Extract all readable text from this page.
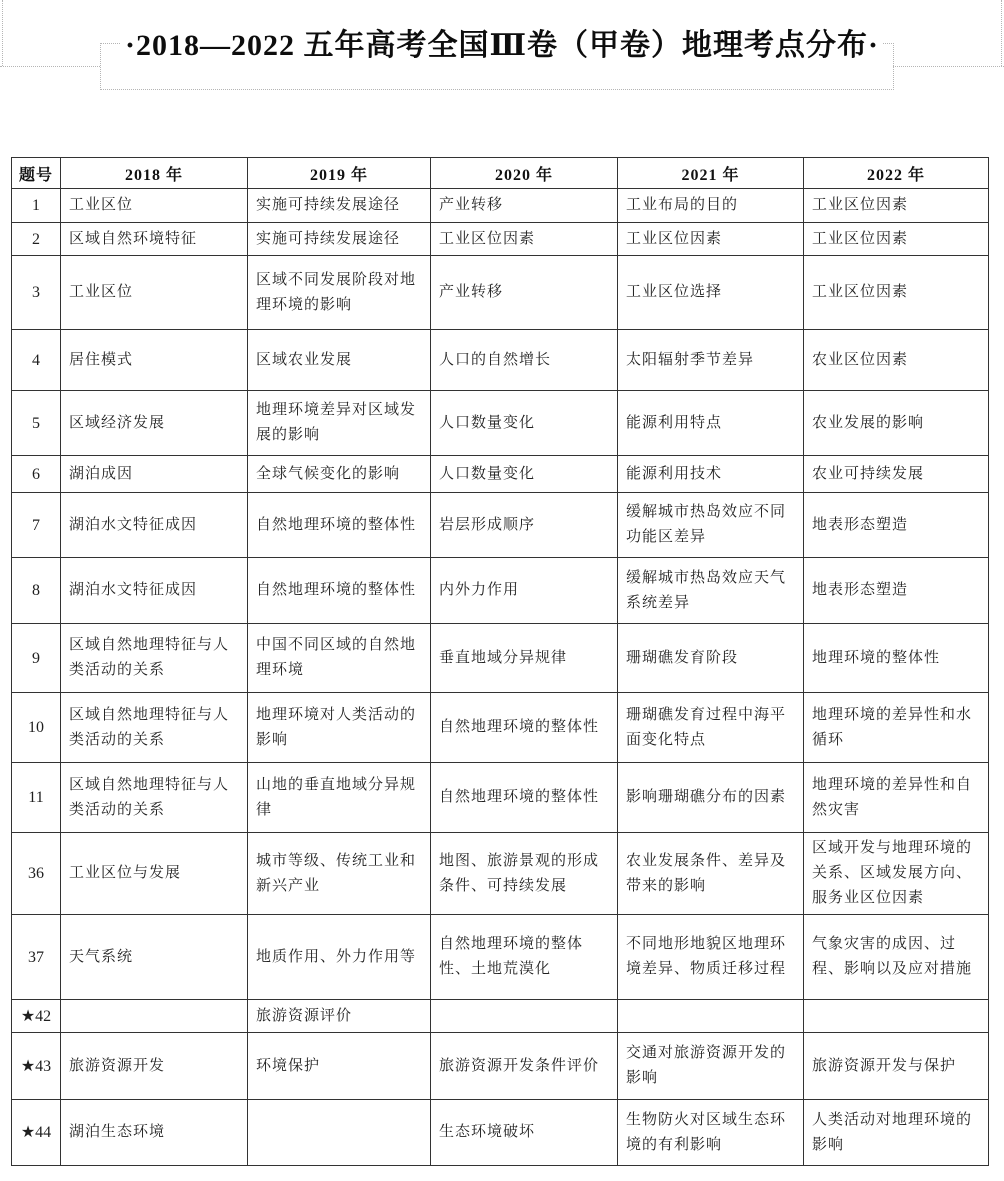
·2018—2022 五年高考全国Ⅲ卷（甲卷）地理考点分布·
题号	2018 年	2019 年	2020 年	2021 年	2022 年
1	工业区位	实施可持续发展途径	产业转移	工业布局的目的	工业区位因素
2	区域自然环境特征	实施可持续发展途径	工业区位因素	工业区位因素	工业区位因素
3	工业区位	区域不同发展阶段对地理环境的影响	产业转移	工业区位选择	工业区位因素
4	居住模式	区域农业发展	人口的自然增长	太阳辐射季节差异	农业区位因素
5	区域经济发展	地理环境差异对区域发展的影响	人口数量变化	能源利用特点	农业发展的影响
6	湖泊成因	全球气候变化的影响	人口数量变化	能源利用技术	农业可持续发展
7	湖泊水文特征成因	自然地理环境的整体性	岩层形成顺序	缓解城市热岛效应不同功能区差异	地表形态塑造
8	湖泊水文特征成因	自然地理环境的整体性	内外力作用	缓解城市热岛效应天气系统差异	地表形态塑造
9	区域自然地理特征与人类活动的关系	中国不同区域的自然地理环境	垂直地域分异规律	珊瑚礁发育阶段	地理环境的整体性
10	区域自然地理特征与人类活动的关系	地理环境对人类活动的影响	自然地理环境的整体性	珊瑚礁发育过程中海平面变化特点	地理环境的差异性和水循环
11	区域自然地理特征与人类活动的关系	山地的垂直地域分异规律	自然地理环境的整体性	影响珊瑚礁分布的因素	地理环境的差异性和自然灾害
36	工业区位与发展	城市等级、传统工业和新兴产业	地图、旅游景观的形成条件、可持续发展	农业发展条件、差异及带来的影响	区域开发与地理环境的关系、区域发展方向、服务业区位因素
37	天气系统	地质作用、外力作用等	自然地理环境的整体性、土地荒漠化	不同地形地貌区地理环境差异、物质迁移过程	气象灾害的成因、过程、影响以及应对措施
★42		旅游资源评价			
★43	旅游资源开发	环境保护	旅游资源开发条件评价	交通对旅游资源开发的影响	旅游资源开发与保护
★44	湖泊生态环境		生态环境破坏	生物防火对区域生态环境的有利影响	人类活动对地理环境的影响
